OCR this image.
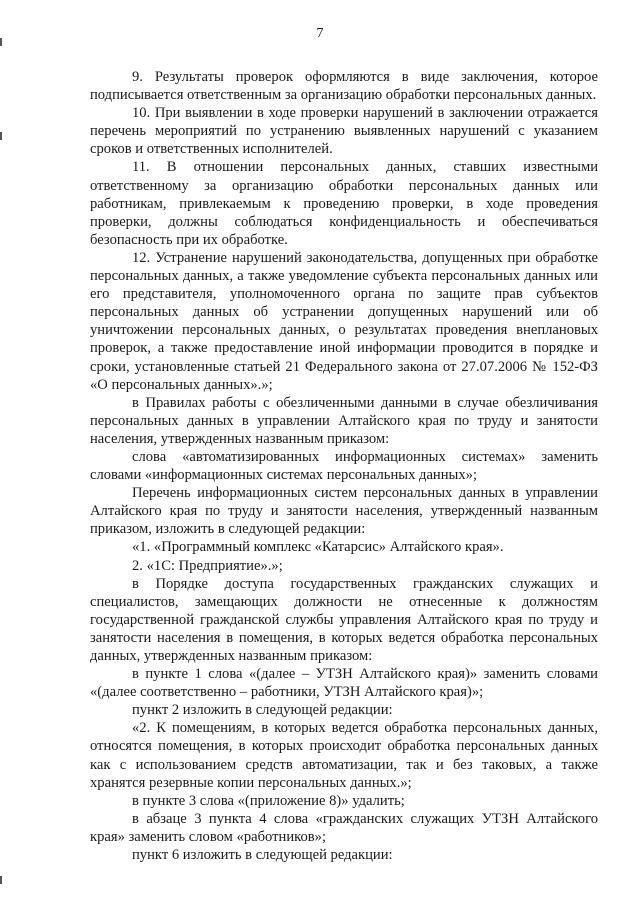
7

9. Результаты проверок оформляются в виде заключения, которое подписывается ответственным за организацию обработки персональных данных.

10. При выявлении в ходе проверки нарушений в заключении отражается перечень мероприятий по устранению выявленных нарушений с указанием сроков и ответственных исполнителей.

11. В отношении персональных данных, ставших известными ответственному за организацию обработки персональных данных или работникам, привлекаемым к проведению проверки, в ходе проведения проверки, должны соблюдаться конфиденциальность и обеспечиваться безопасность при их обработке.

12. Устранение нарушений законодательства, допущенных при обработке персональных данных, а также уведомление субъекта персональных данных или его представителя, уполномоченного органа по защите прав субъектов персональных данных об устранении допущенных нарушений или об уничтожении персональных данных, о результатах проведения внеплановых проверок, а также предоставление иной информации проводится в порядке и сроки, установленные статьей 21 Федерального закона от 27.07.2006 № 152-ФЗ «О персональных данных».»;

в Правилах работы с обезличенными данными в случае обезличивания персональных данных в управлении Алтайского края по труду и занятости населения, утвержденных названным приказом:

слова «автоматизированных информационных системах» заменить словами «информационных системах персональных данных»;

Перечень информационных систем персональных данных в управлении Алтайского края по труду и занятости населения, утвержденный названным приказом, изложить в следующей редакции:

«1. «Программный комплекс «Катарсис» Алтайского края».

2. «1С: Предприятие».»;

в Порядке доступа государственных гражданских служащих и специалистов, замещающих должности не отнесенные к должностям государственной гражданской службы управления Алтайского края по труду и занятости населения в помещения, в которых ведется обработка персональных данных, утвержденных названным приказом:

в пункте 1 слова «(далее – УТЗН Алтайского края)» заменить словами «(далее соответственно – работники, УТЗН Алтайского края)»;

пункт 2 изложить в следующей редакции:

«2. К помещениям, в которых ведется обработка персональных данных, относятся помещения, в которых происходит обработка персональных данных как с использованием средств автоматизации, так и без таковых, а также хранятся резервные копии персональных данных.»;

в пункте 3 слова «(приложение 8)» удалить;

в абзаце 3 пункта 4 слова «гражданских служащих УТЗН Алтайского края» заменить словом «работников»;

пункт 6 изложить в следующей редакции:
